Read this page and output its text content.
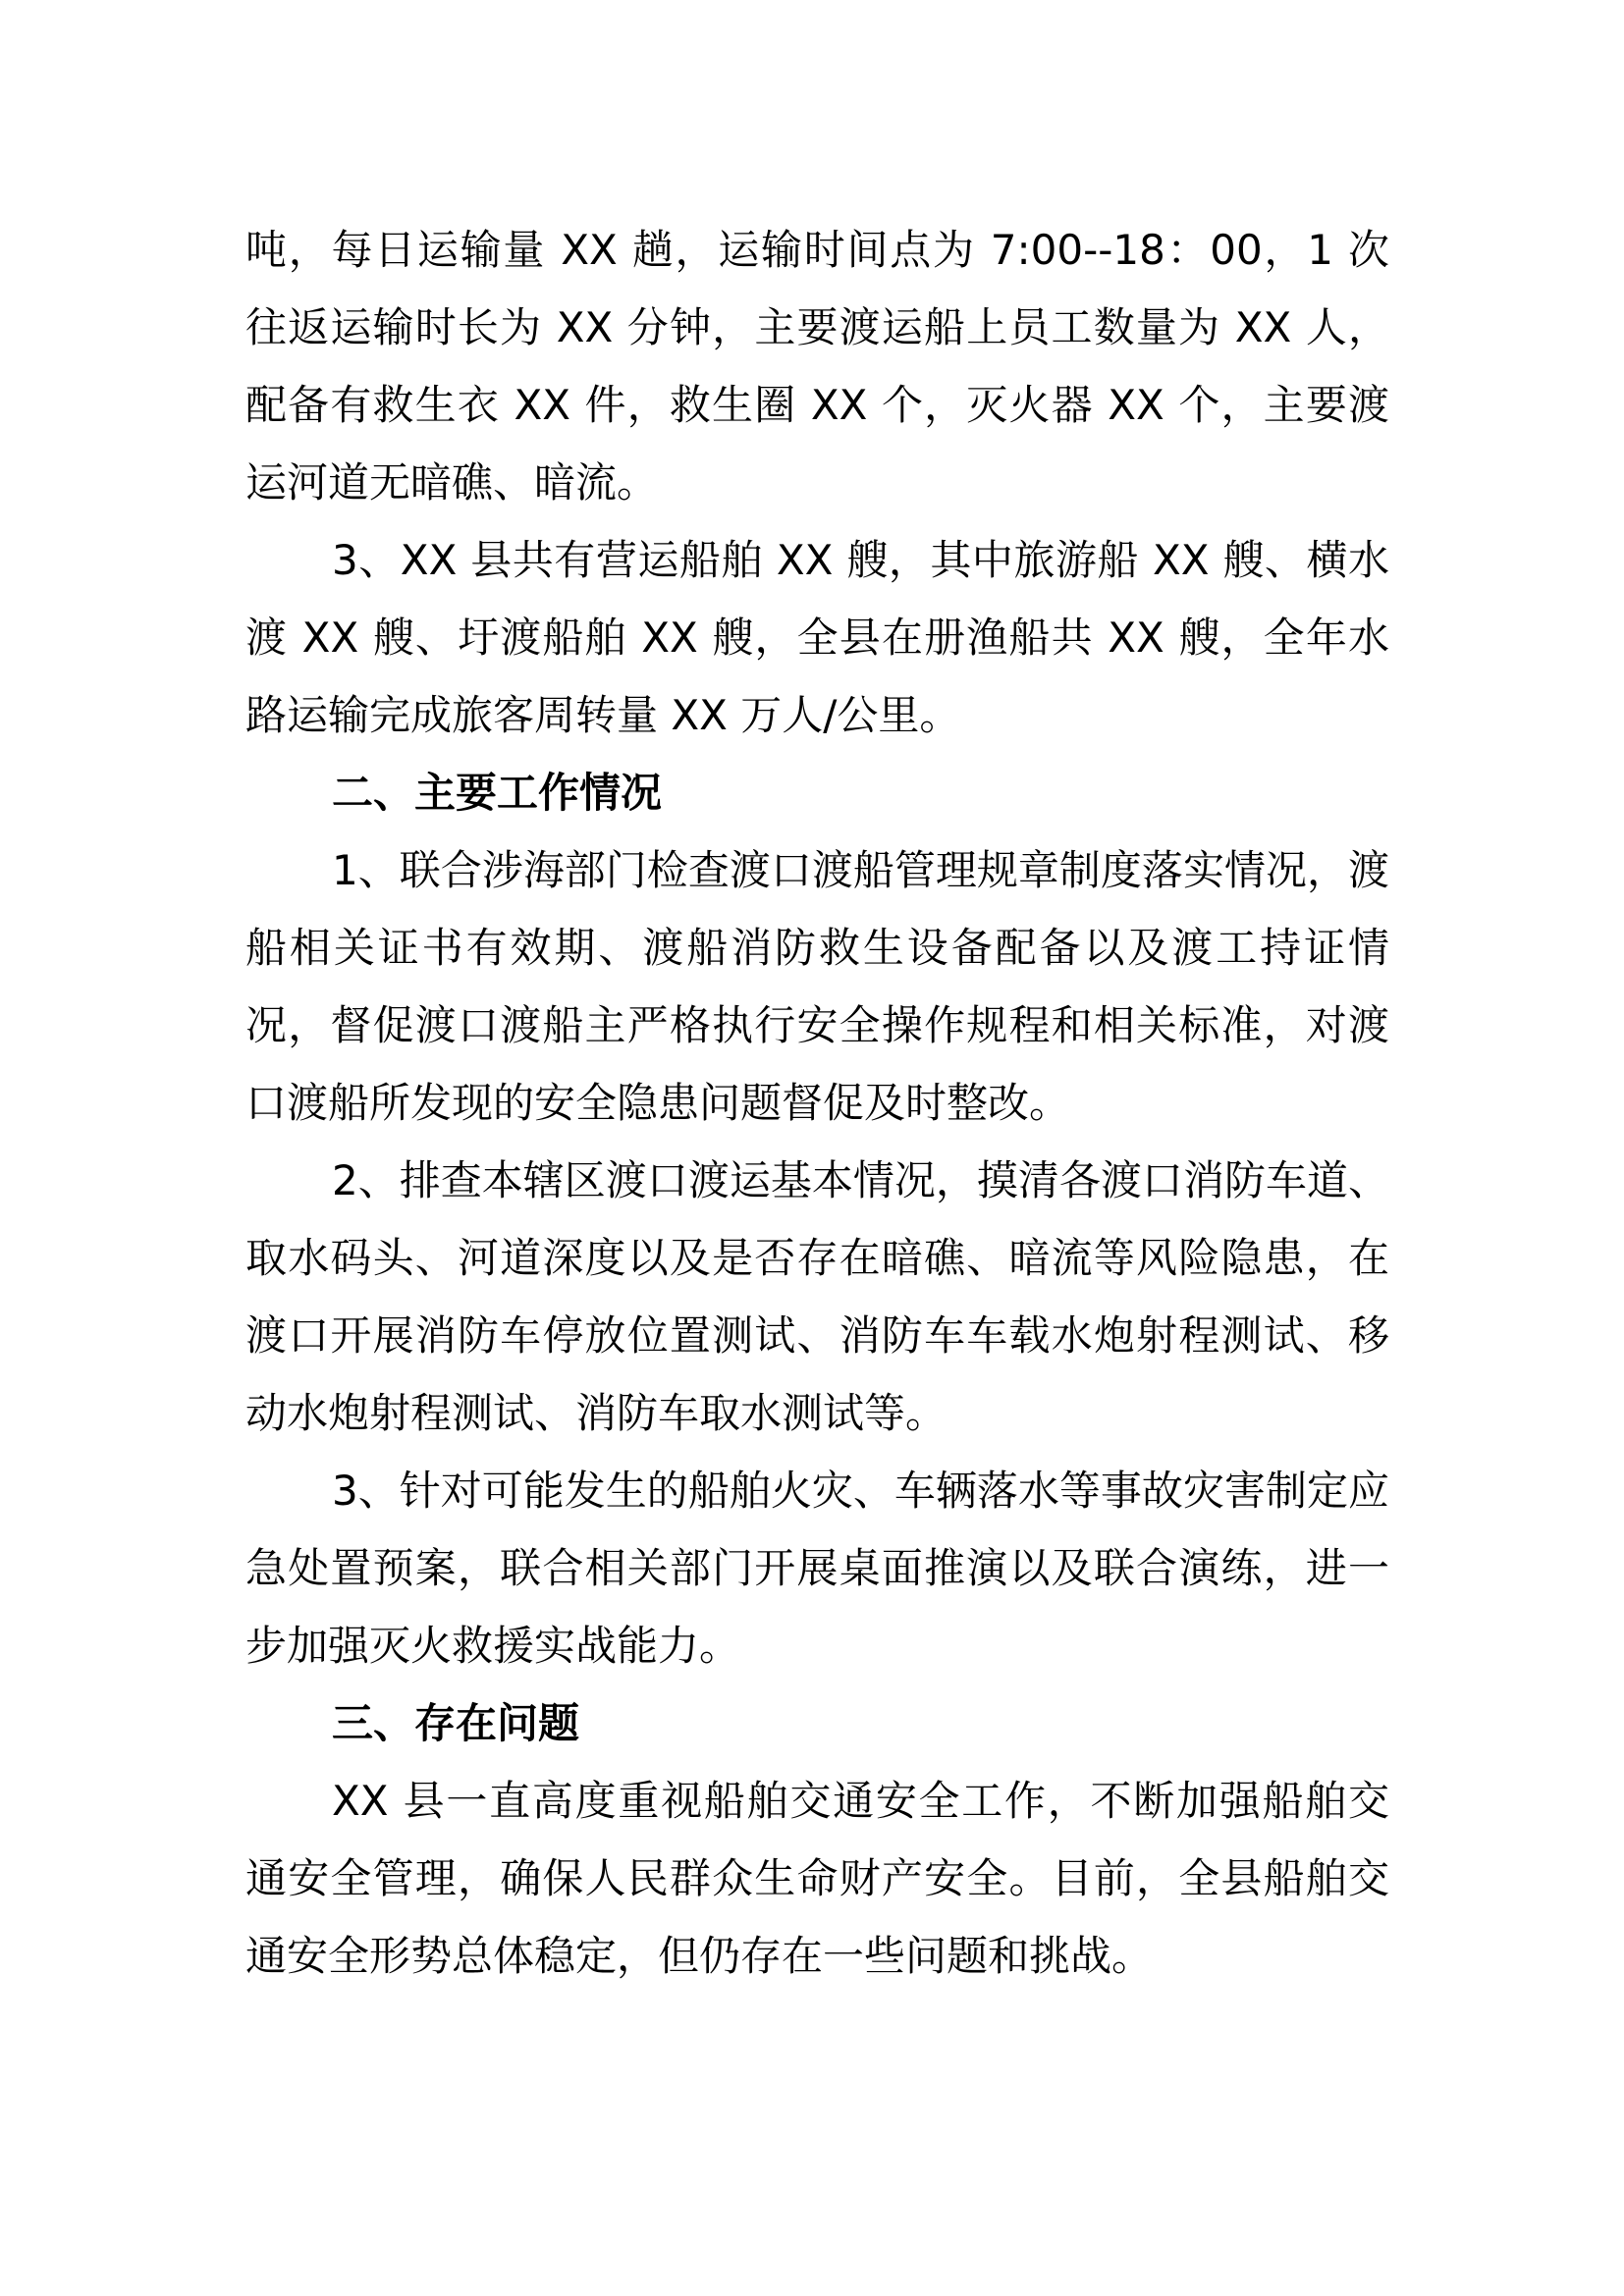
吨，每日运输量 XX 趟，运输时间点为 7:00--18：00，1 次往返运输时长为 XX 分钟，主要渡运船上员工数量为 XX 人，配备有救生衣 XX 件，救生圈 XX 个，灭火器 XX 个，主要渡运河道无暗礁、暗流。

3、XX 县共有营运船舶 XX 艘，其中旅游船 XX 艘、横水渡 XX 艘、圩渡船舶 XX 艘，全县在册渔船共 XX 艘，全年水路运输完成旅客周转量 XX 万人/公里。

二、主要工作情况

1、联合涉海部门检查渡口渡船管理规章制度落实情况，渡船相关证书有效期、渡船消防救生设备配备以及渡工持证情况，督促渡口渡船主严格执行安全操作规程和相关标准，对渡口渡船所发现的安全隐患问题督促及时整改。

2、排查本辖区渡口渡运基本情况，摸清各渡口消防车道、取水码头、河道深度以及是否存在暗礁、暗流等风险隐患，在渡口开展消防车停放位置测试、消防车车载水炮射程测试、移动水炮射程测试、消防车取水测试等。

3、针对可能发生的船舶火灾、车辆落水等事故灾害制定应急处置预案，联合相关部门开展桌面推演以及联合演练，进一步加强灭火救援实战能力。

三、存在问题

XX 县一直高度重视船舶交通安全工作，不断加强船舶交通安全管理，确保人民群众生命财产安全。目前，全县船舶交通安全形势总体稳定，但仍存在一些问题和挑战。
